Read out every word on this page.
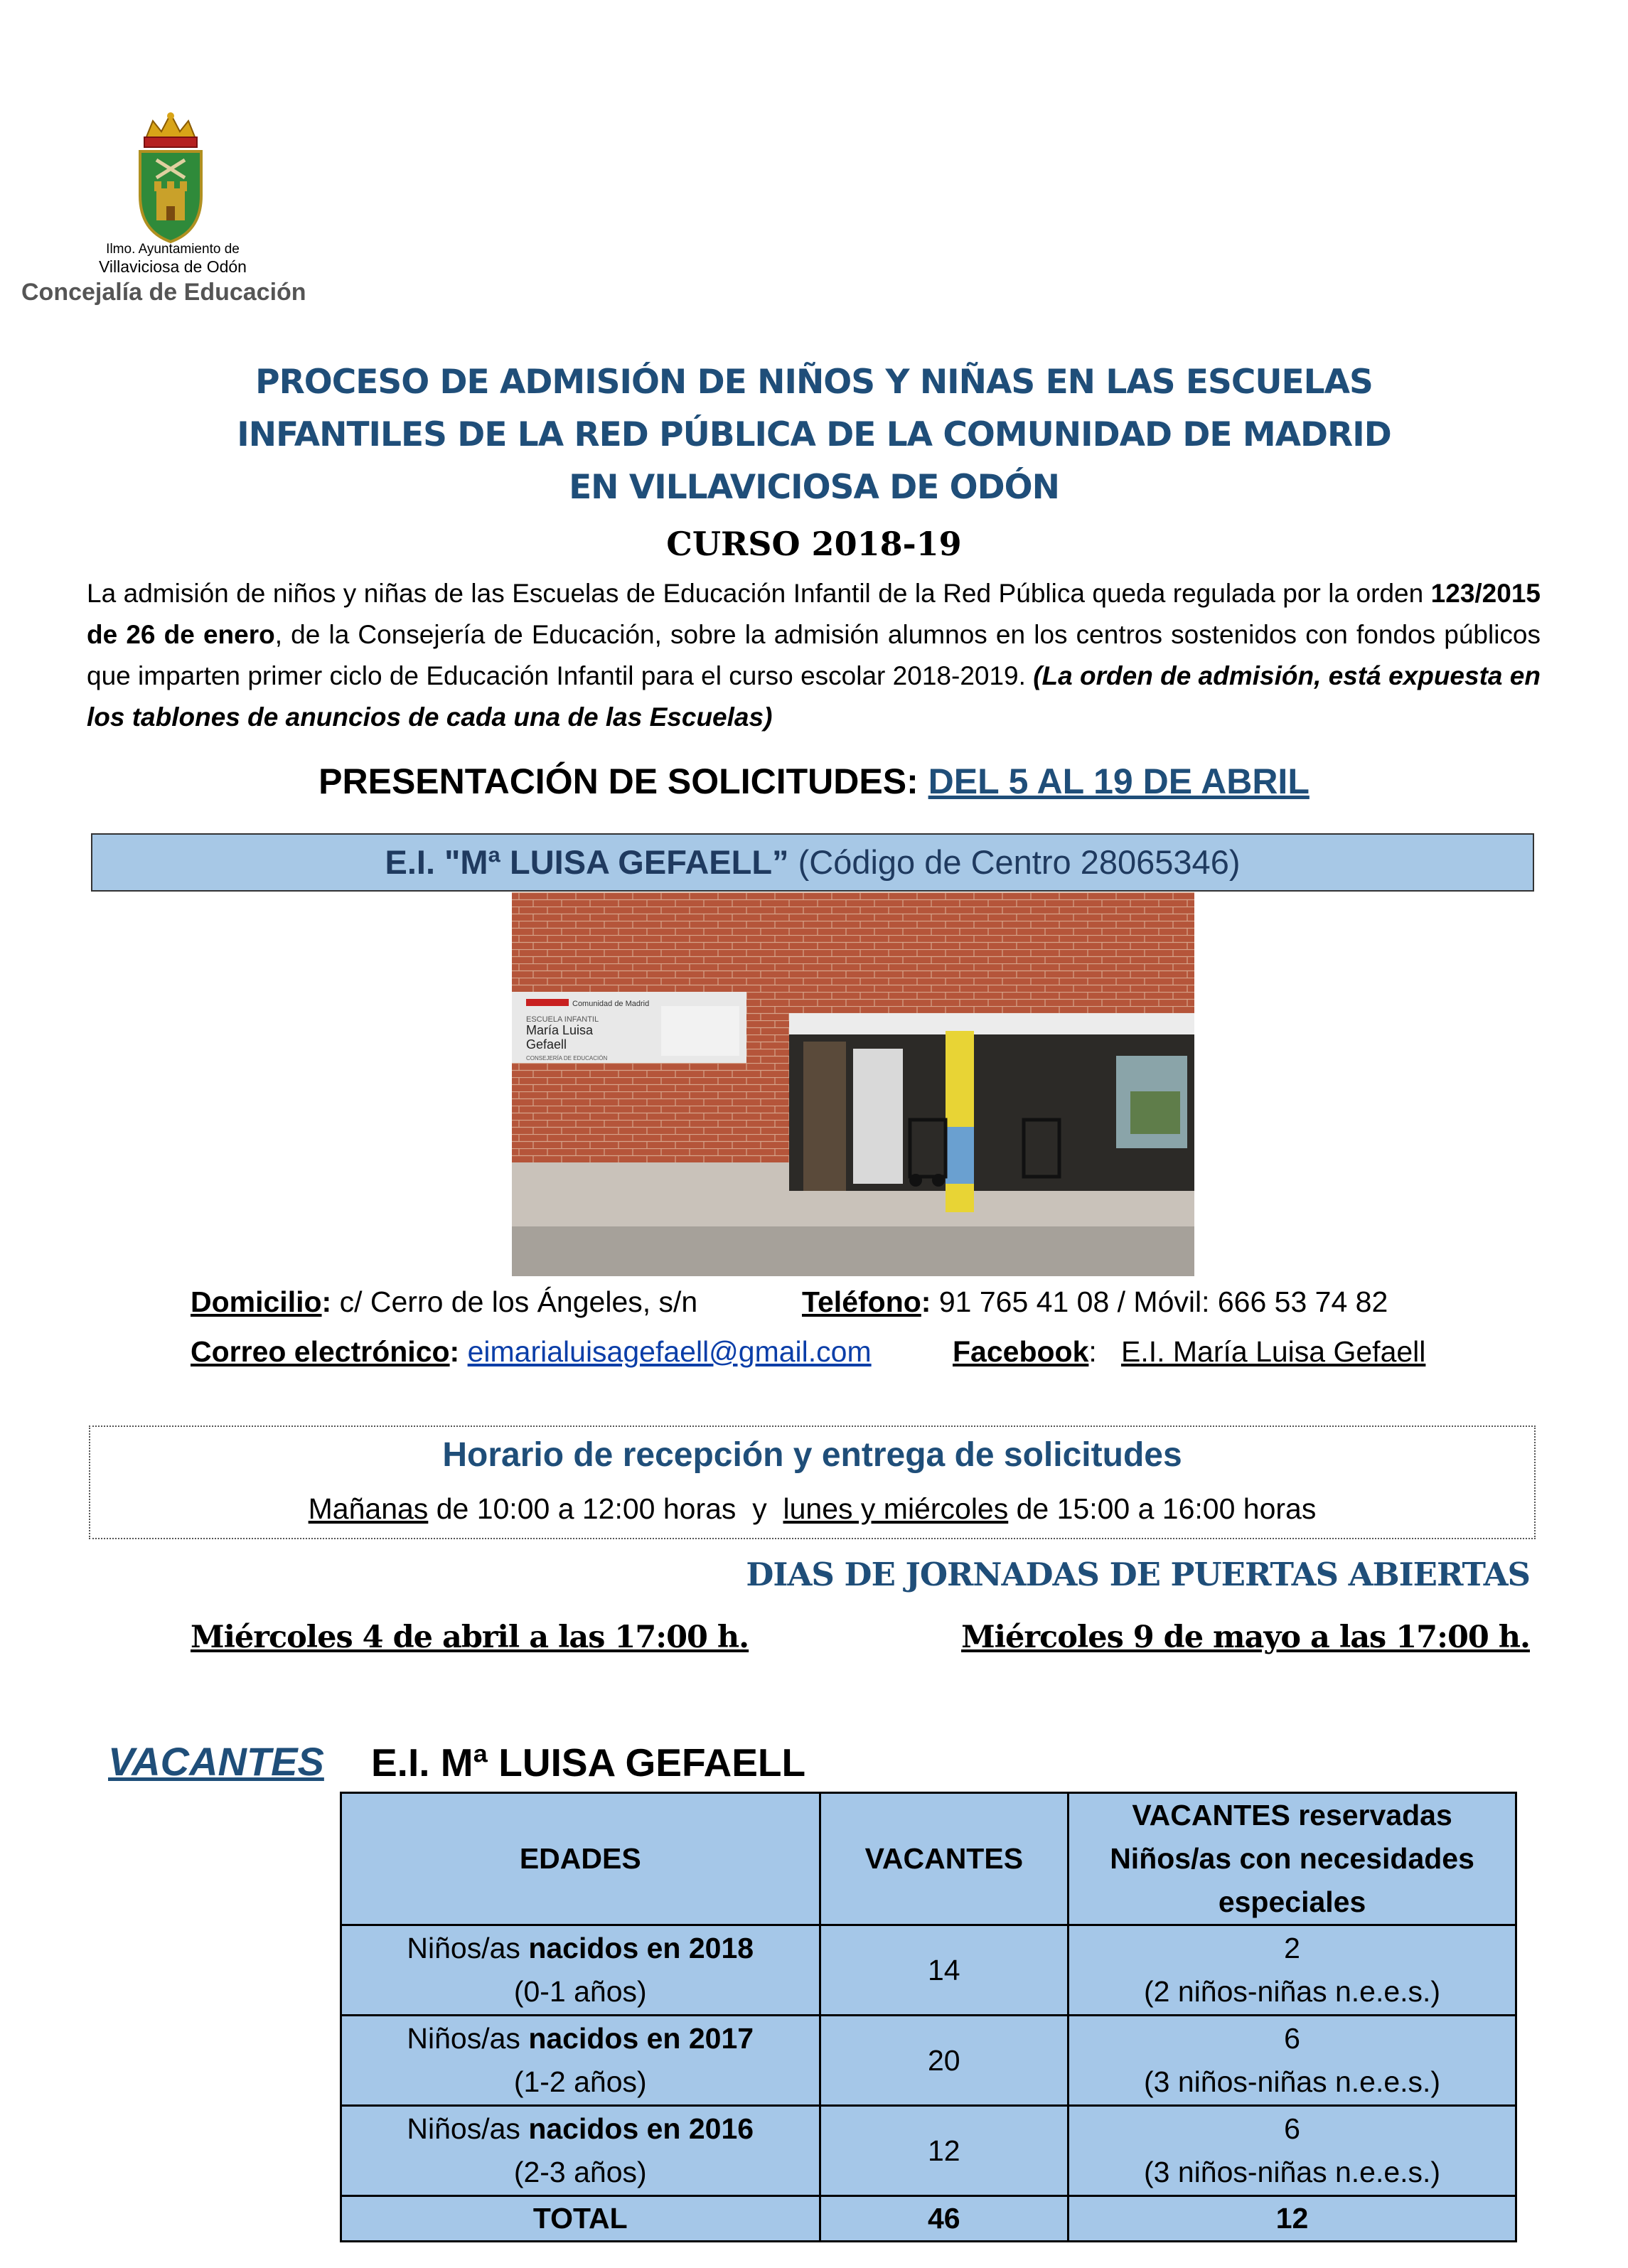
Ilmo. Ayuntamiento de
Villaviciosa de Odón
Concejalía de Educación
PROCESO DE ADMISIÓN DE NIÑOS Y NIÑAS EN LAS ESCUELAS
INFANTILES DE LA RED PÚBLICA DE LA COMUNIDAD DE MADRID
EN VILLAVICIOSA DE ODÓN
CURSO 2018-19
La admisión de niños y niñas de las Escuelas de Educación Infantil de la Red Pública queda regulada por la orden 123/2015 de 26 de enero, de la Consejería de Educación, sobre la admisión alumnos en los centros sostenidos con fondos públicos que imparten primer ciclo de Educación Infantil para el curso escolar 2018-2019. (La orden de admisión, está expuesta en los tablones de anuncios de cada una de las Escuelas)
PRESENTACIÓN DE SOLICITUDES: DEL 5 AL 19 DE ABRIL
E.I. "Mª LUISA GEFAELL” (Código de Centro 28065346)
Comunidad de Madrid
ESCUELA INFANTIL
María Luisa
Gefaell
CONSEJERÍA DE EDUCACIÓN
Domicilio: c/ Cerro de los Ángeles, s/n	Teléfono: 91 765 41 08 / Móvil: 666 53 74 82
Correo electrónico: eimarialuisagefaell@gmail.com	Facebook:   E.I. María Luisa Gefaell
Horario de recepción y entrega de solicitudes
Mañanas de 10:00 a 12:00 horas  y  lunes y miércoles de 15:00 a 16:00 horas
DIAS DE JORNADAS DE PUERTAS ABIERTAS
Miércoles 4 de abril a las 17:00 h.	Miércoles 9 de mayo a las 17:00 h.
VACANTES E.I. Mª LUISA GEFAELL
EDADES	VACANTES	VACANTES reservadas
Niños/as con necesidades
especiales
Niños/as nacidos en 2018
(0-1 años)	14	2
(2 niños-niñas n.e.e.s.)
Niños/as nacidos en 2017
(1-2 años)	20	6
(3 niños-niñas n.e.e.s.)
Niños/as nacidos en 2016
(2-3 años)	12	6
(3 niños-niñas n.e.e.s.)
TOTAL	46	12
